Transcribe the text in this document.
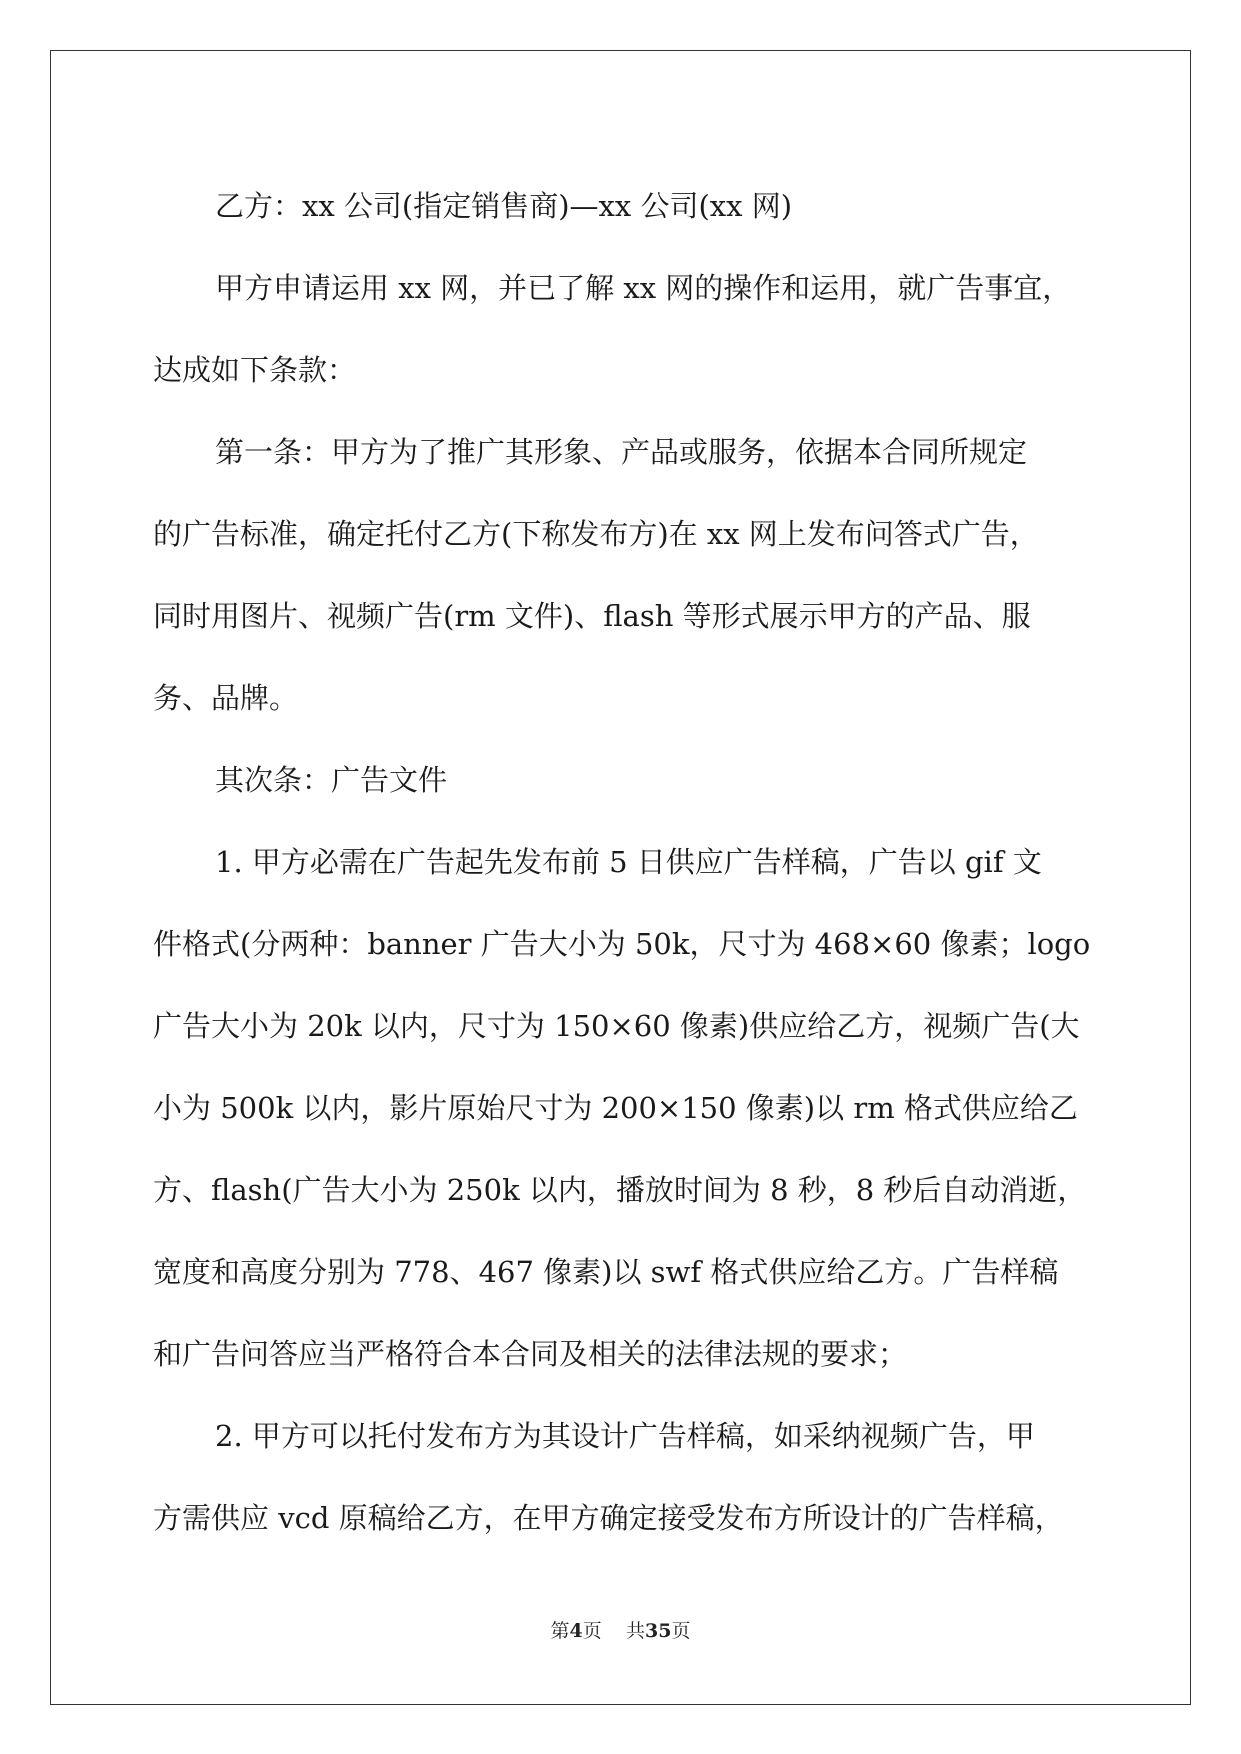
乙方：xx 公司(指定销售商)—xx 公司(xx 网)
甲方申请运用 xx 网，并已了解 xx 网的操作和运用，就广告事宜，
达成如下条款：
第一条：甲方为了推广其形象、产品或服务，依据本合同所规定
的广告标准，确定托付乙方(下称发布方)在 xx 网上发布问答式广告，
同时用图片、视频广告(rm 文件)、flash 等形式展示甲方的产品、服
务、品牌。
其次条：广告文件
1. 甲方必需在广告起先发布前 5 日供应广告样稿，广告以 gif 文
件格式(分两种：banner 广告大小为 50k，尺寸为 468×60 像素；logo
广告大小为 20k 以内，尺寸为 150×60 像素)供应给乙方，视频广告(大
小为 500k 以内，影片原始尺寸为 200×150 像素)以 rm 格式供应给乙
方、flash(广告大小为 250k 以内，播放时间为 8 秒，8 秒后自动消逝，
宽度和高度分别为 778、467 像素)以 swf 格式供应给乙方。广告样稿
和广告问答应当严格符合本合同及相关的法律法规的要求；
2. 甲方可以托付发布方为其设计广告样稿，如采纳视频广告，甲
方需供应 vcd 原稿给乙方，在甲方确定接受发布方所设计的广告样稿，
第4页 共35页
